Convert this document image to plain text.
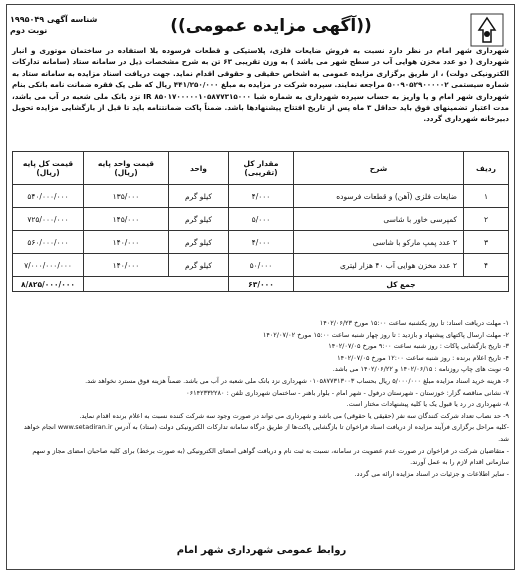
شناسه آگهی ۱۹۹۵۰۴۹
نوبت دوم	((آگهی مزایده عمومی))
شهرداری شهر امام در نظر دارد نسبت به فروش ضایعات فلزی، پلاستیکی و قطعات فرسوده بلا استفاده در ساختمان موتوری و انبار شهرداری ( دو عدد مخزن هوایی آب در سطح شهر می باشد ) به وزن تقریبی ۶۳ تن به شرح مشخصات ذیل در سامانه ستاد (سامانه تدارکات الکترونیکی دولت) ، از طریق برگزاری مزایده عمومی به اشخاص حقیقی و حقوقی اقدام نماید. جهت دریافت اسناد مزایده به سامانه ستاد به شماره سیستمی ۵۰۰۹۰۵۲۹۰۰۰۰۰۲ مراجعه نمایند. سپرده شرکت در مزایده به مبلغ ۴۴۱/۲۵۰/۰۰۰ ریال که طی یک فقره ضمانت نامه بانکی بنام شهرداری شهر امام و یا واریز به حساب سپرده شهرداری به شماره شبا IR ۸۵۰۱۷۰۰۰۰۰۱۰۵۸۷۷۳۱۵۰۰۰ نزد بانک ملی شعبه در آب می باشد، مدت اعتبار تضمینهای فوق باید حداقل ۳ ماه پس از تاریخ افتتاح پیشنهادها باشد. ضمناً پاکت ضمانتنامه باید تا قبل از بازگشایی مزایده تحویل دبیرخانه شهرداری گردد.
ردیف	شرح	مقدار کل (تقریبی)	واحد	قیمت واحد پایه (ریال)	قیمت کل پایه (ریال)
۱	ضایعات فلزی (آهن) و قطعات فرسوده	۴/۰۰۰	کیلو گرم	۱۳۵/۰۰۰	۵۴۰/۰۰۰/۰۰۰
۲	کمپرسی خاور با شاسی	۵/۰۰۰	کیلو گرم	۱۴۵/۰۰۰	۷۲۵/۰۰۰/۰۰۰
۳	۲ عدد پمپ مارکو با شاسی	۴/۰۰۰	کیلو گرم	۱۴۰/۰۰۰	۵۶۰/۰۰۰/۰۰۰
۴	۲ عدد مخزن هوایی آب ۴۰ هزار لیتری	۵۰/۰۰۰	کیلو گرم	۱۴۰/۰۰۰	۷/۰۰۰/۰۰۰/۰۰۰
جمع کل		۶۳/۰۰۰			۸/۸۲۵/۰۰۰/۰۰۰

۱- مهلت دریافت اسناد: تا روز یکشنبه ساعت ۱۵:۰۰ مورخ ۱۴۰۲/۰۶/۲۳

۲- مهلت ارسال پاکتهای پیشنهاد و بازدید : تا روز چهار شنبه ساعت ۱۵:۰۰ مورخ ۱۴۰۲/۰۷/۰۲

۳- تاریخ بازگشایی پاکات : روز شنبه ساعت ۹:۰۰ مورخ ۱۴۰۲/۰۷/۰۵

۴- تاریخ اعلام برنده : روز شنبه ساعت ۱۲:۰۰ مورخ ۱۴۰۲/۰۷/۰۵

۵- نوبت های چاپ روزنامه : ۱۴۰۲/۰۶/۱۵ و ۱۴۰۲/۰۶/۲۲ می باشد.

۶- هزینه خرید اسناد مزایده مبلغ ۵/۰۰۰/۰۰۰ ریال بحساب ۰۱۰۵۸۷۷۳۱۳۰۰۳ شهرداری نزد بانک ملی شعبه در آب می باشد. ضمناً هزینه فوق مسترد نخواهد شد.

۷- نشانی مناقصه گزار: خوزستان - شهرستان درفول - شهر امام - بلوار باهنر - ساختمان شهرداری تلفن : ۰۶۱۴۲۳۳۲۲۸۰

۸- شهرداری در رد یا قبول یک یا کلیه پیشنهادات مختار است.

۹- حد نصاب تعداد شرکت کنندگان سه نفر (حقیقی یا حقوقی) می باشد و شهرداری می تواند در صورت وجود سه شرکت کننده نسبت به اعلام برنده اقدام نماید.

-کلیه مراحل برگزاری فرآیند مزایده از دریافت اسناد فراخوان تا بازگشایی پاکت‌ها از طریق درگاه سامانه تدارکات الکترونیکی دولت (ستاد) به آدرس www.setadiran.ir انجام خواهد شد.

- متقاضیان شرکت در فراخوان در صورت عدم عضویت در سامانه، نسبت به ثبت نام و دریافت گواهی امضای الکترونیکی (به صورت برخط) برای کلیه صاحبان امضای مجاز و سهم سازمانی اقدام لازم را به عمل آورند.

- سایر اطلاعات و جزئیات در اسناد مزایده ارائه می گردد.

روابط عمومی شهرداری شهر امام
